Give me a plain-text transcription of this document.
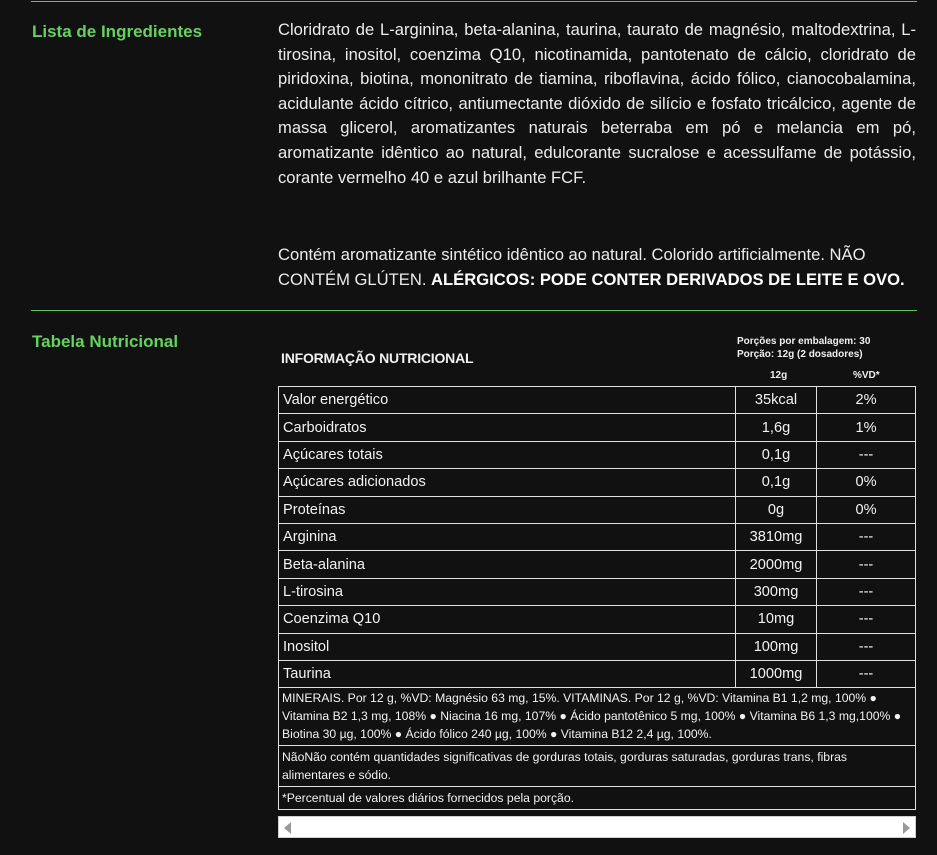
Lista de Ingredientes	Cloridrato de L-arginina, beta-alanina, taurina, taurato de magnésio, maltodextrina, L-tirosina, inositol, coenzima Q10, nicotinamida, pantotenato de cálcio, cloridrato de piridoxina, biotina, mononitrato de tiamina, riboflavina, ácido fólico, cianocobalamina, acidulante ácido cítrico, antiumectante dióxido de silício e fosfato tricálcico, agente de massa glicerol, aromatizantes naturais beterraba em pó e melancia em pó, aromatizante idêntico ao natural, edulcorante sucralose e acessulfame de potássio, corante vermelho 40 e azul brilhante FCF.
Contém aromatizante sintético idêntico ao natural. Colorido artificialmente. NÃO CONTÉM GLÚTEN. ALÉRGICOS: PODE CONTER DERIVADOS DE LEITE E OVO.
Tabela Nutricional
INFORMAÇÃO NUTRICIONAL
Porções por embalagem: 30
Porção: 12g (2 dosadores)
12g	%VD*
Valor energético	35kcal	2%
Carboidratos	1,6g	1%
Açúcares totais	0,1g	---
Açúcares adicionados	0,1g	0%
Proteínas	0g	0%
Arginina	3810mg	---
Beta-alanina	2000mg	---
L-tirosina	300mg	---
Coenzima Q10	10mg	---
Inositol	100mg	---
Taurina	1000mg	---
MINERAIS. Por 12 g, %VD: Magnésio 63 mg, 15%. VITAMINAS. Por 12 g, %VD: Vitamina B1 1,2 mg, 100% ● Vitamina B2 1,3 mg, 108% ● Niacina 16 mg, 107% ● Ácido pantotênico 5 mg, 100% ● Vitamina B6 1,3 mg,100% ● Biotina 30 µg, 100% ● Ácido fólico 240 µg, 100% ● Vitamina B12 2,4 µg, 100%.
NãoNão contém quantidades significativas de gorduras totais, gorduras saturadas, gorduras trans, fibras alimentares e sódio.
*Percentual de valores diários fornecidos pela porção.
